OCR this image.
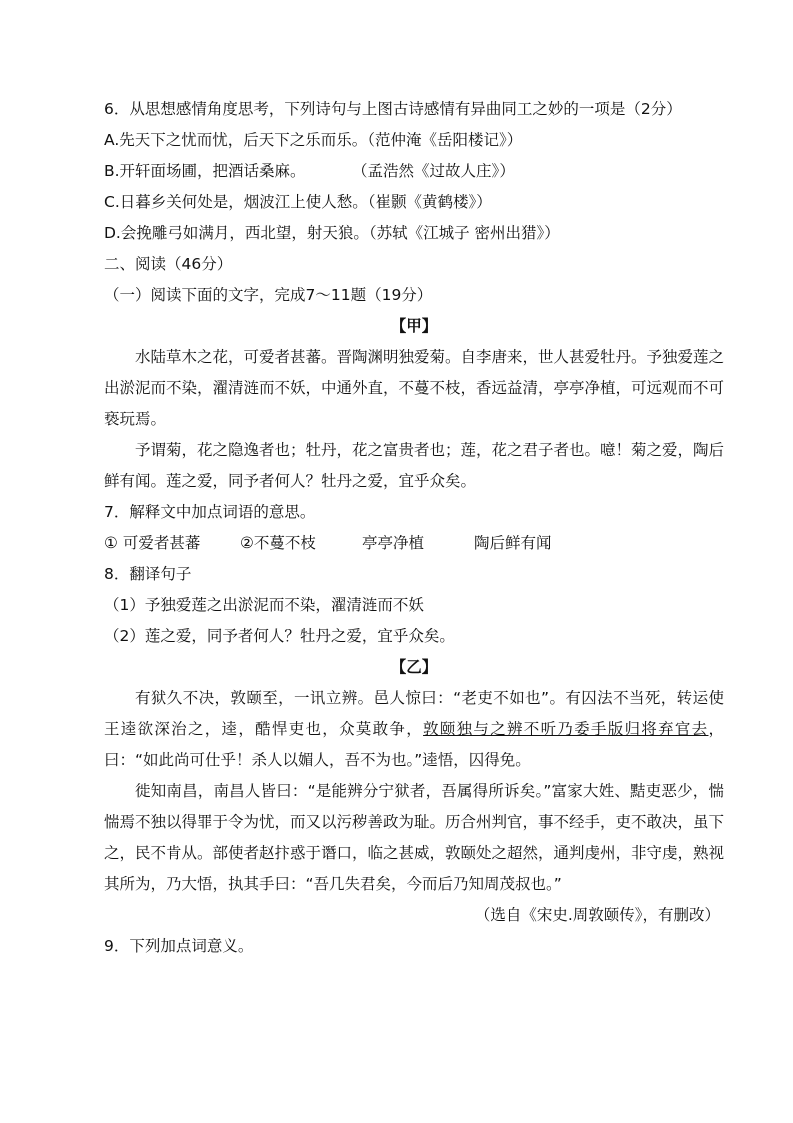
6．从思想感情角度思考，下列诗句与上图古诗感情有异曲同工之妙的一项是（2分）
A.先天下之忧而忧，后天下之乐而乐。（范仲淹《岳阳楼记》）
B.开轩面场圃，把酒话桑麻。　　　　（孟浩然《过故人庄》）
C.日暮乡关何处是，烟波江上使人愁。（崔颢《黄鹤楼》）
D.会挽雕弓如满月，西北望，射天狼。（苏轼《江城子 密州出猎》）
二、阅读（46分）
（一）阅读下面的文字，完成7～11题（19分）
【甲】
水陆草木之花，可爱者甚蕃。晋陶渊明独爱菊。自李唐来，世人甚爱牡丹。予独爱莲之出淤泥而不染，濯清涟而不妖，中通外直，不蔓不枝，香远益清，亭亭净植，可远观而不可亵玩焉。
予谓菊，花之隐逸者也；牡丹，花之富贵者也；莲，花之君子者也。噫！菊之爱，陶后鲜有闻。莲之爱，同予者何人？牡丹之爱，宜乎众矣。
7．解释文中加点词语的意思。
① 可爱者甚蕃	②不蔓不枝	亭亭净植	陶后鲜有闻
8．翻译句子
（1）予独爱莲之出淤泥而不染，濯清涟而不妖
（2）莲之爱，同予者何人？牡丹之爱，宜乎众矣。
【乙】
有狱久不决，敦颐至，一讯立辨。邑人惊曰：“老吏不如也”。有囚法不当死，转运使王逵欲深治之，逵，酷悍吏也，众莫敢争，敦颐独与之辨不听乃委手版归将弃官去，曰：“如此尚可仕乎！杀人以媚人，吾不为也。”逵悟，囚得免。
徙知南昌，南昌人皆曰：“是能辨分宁狱者，吾属得所诉矣。”富家大姓、黠吏恶少，惴惴焉不独以得罪于令为忧，而又以污秽善政为耻。历合州判官，事不经手，吏不敢决，虽下之，民不肯从。部使者赵抃惑于谮口，临之甚威，敦颐处之超然，通判虔州，非守虔，熟视其所为，乃大悟，执其手曰：“吾几失君矣，今而后乃知周茂叔也。”
（选自《宋史.周敦颐传》，有删改）
9．下列加点词意义。
